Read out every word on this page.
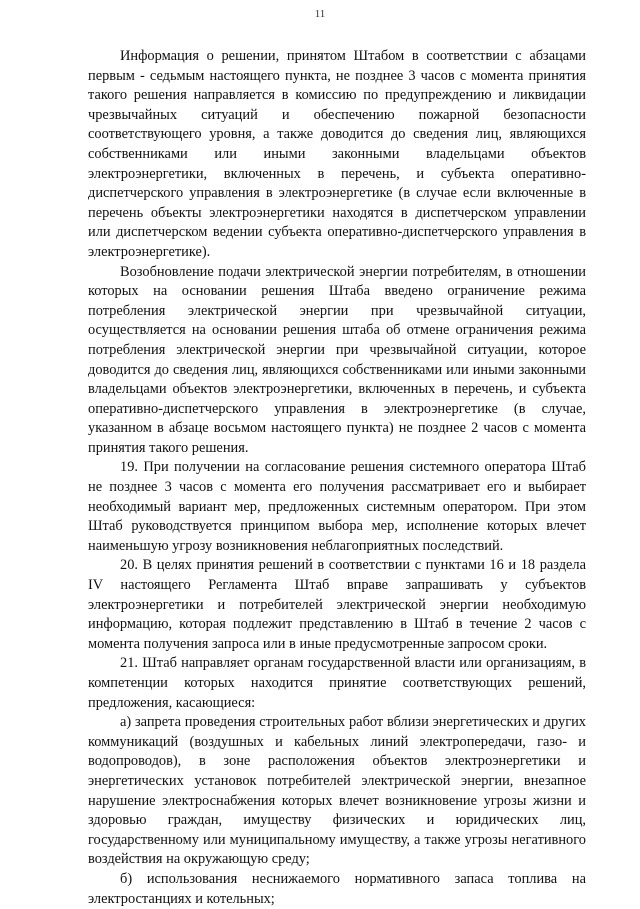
11

Информация о решении, принятом Штабом в соответствии с абзацами первым - седьмым настоящего пункта, не позднее 3 часов с момента принятия такого решения направляется в комиссию по предупреждению и ликвидации чрезвычайных ситуаций и обеспечению пожарной безопасности соответствующего уровня, а также доводится до сведения лиц, являющихся собственниками или иными законными владельцами объектов электроэнергетики, включенных в перечень, и субъекта оперативно-диспетчерского управления в электроэнергетике (в случае если включенные в перечень объекты электроэнергетики находятся в диспетчерском управлении или диспетчерском ведении субъекта оперативно-диспетчерского управления в электроэнергетике).

Возобновление подачи электрической энергии потребителям, в отношении которых на основании решения Штаба введено ограничение режима потребления электрической энергии при чрезвычайной ситуации, осуществляется на основании решения штаба об отмене ограничения режима потребления электрической энергии при чрезвычайной ситуации, которое доводится до сведения лиц, являющихся собственниками или иными законными владельцами объектов электроэнергетики, включенных в перечень, и субъекта оперативно-диспетчерского управления в электроэнергетике (в случае, указанном в абзаце восьмом настоящего пункта) не позднее 2 часов с момента принятия такого решения.

19. При получении на согласование решения системного оператора Штаб не позднее 3 часов с момента его получения рассматривает его и выбирает необходимый вариант мер, предложенных системным оператором. При этом Штаб руководствуется принципом выбора мер, исполнение которых влечет наименьшую угрозу возникновения неблагоприятных последствий.

20. В целях принятия решений в соответствии с пунктами 16 и 18 раздела IV настоящего Регламента Штаб вправе запрашивать у субъектов электроэнергетики и потребителей электрической энергии необходимую информацию, которая подлежит представлению в Штаб в течение 2 часов с момента получения запроса или в иные предусмотренные запросом сроки.

21. Штаб направляет органам государственной власти или организациям, в компетенции которых находится принятие соответствующих решений, предложения, касающиеся:

а) запрета проведения строительных работ вблизи энергетических и других коммуникаций (воздушных и кабельных линий электропередачи, газо- и водопроводов), в зоне расположения объектов электроэнергетики и энергетических установок потребителей электрической энергии, внезапное нарушение электроснабжения которых влечет возникновение угрозы жизни и здоровью граждан, имуществу физических и юридических лиц, государственному или муниципальному имуществу, а также угрозы негативного воздействия на окружающую среду;

б) использования неснижаемого нормативного запаса топлива на электростанциях и котельных;
